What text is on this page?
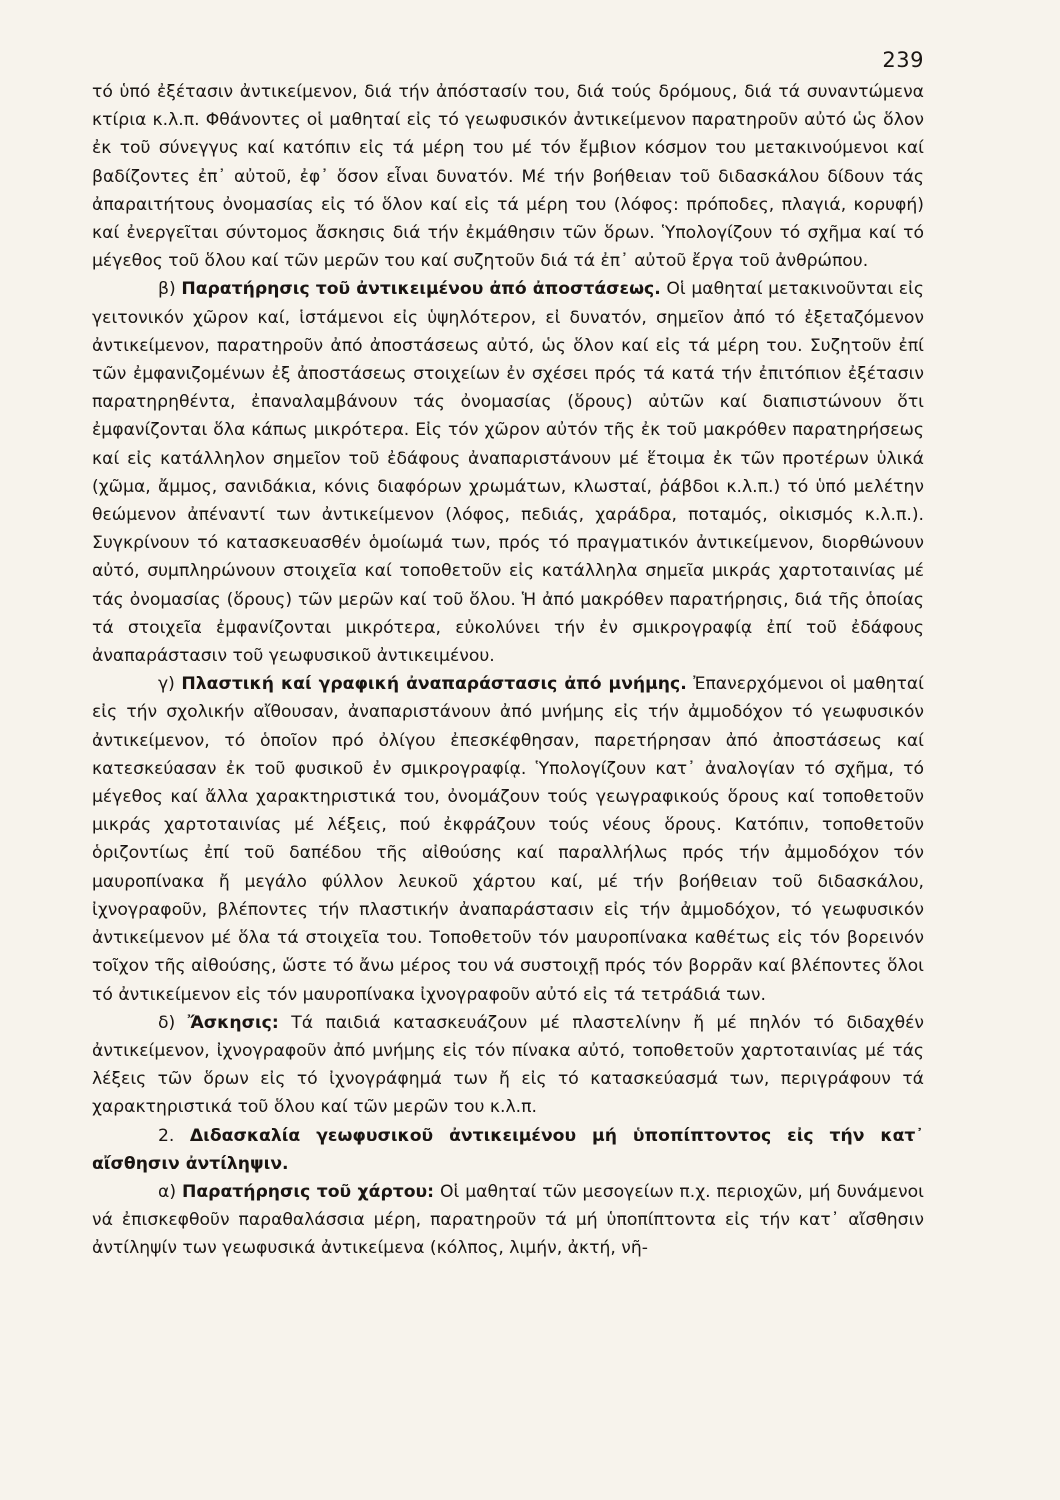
239

τό ὑπό ἐξέτασιν ἀντικείμενον, διά τήν ἀπόστασίν του, διά τούς δρόμους, διά τά συναντώμενα κτίρια κ.λ.π. Φθάνοντες οἱ μαθηταί εἰς τό γεωφυσικόν ἀντικείμενον παρατηροῦν αὐτό ὡς ὅλον ἐκ τοῦ σύνεγγυς καί κατόπιν εἰς τά μέρη του μέ τόν ἔμβιον κόσμον του μετακινούμενοι καί βαδίζοντες ἐπ᾽ αὐτοῦ, ἐφ᾽ ὅσον εἶναι δυνατόν. Μέ τήν βοήθειαν τοῦ διδασκάλου δίδουν τάς ἀπαραιτήτους ὀνομασίας εἰς τό ὅλον καί εἰς τά μέρη του (λόφος: πρόποδες, πλαγιά, κορυφή) καί ἐνεργεῖται σύντομος ἄσκησις διά τήν ἐκμάθησιν τῶν ὅρων. Ὑπολογίζουν τό σχῆμα καί τό μέγεθος τοῦ ὅλου καί τῶν μερῶν του καί συζητοῦν διά τά ἐπ᾽ αὐτοῦ ἔργα τοῦ ἀνθρώπου.

β) Παρατήρησις τοῦ ἀντικειμένου ἀπό ἀποστάσεως. Οἱ μαθηταί μετακινοῦνται εἰς γειτονικόν χῶρον καί, ἱστάμενοι εἰς ὑψηλότερον, εἰ δυνατόν, σημεῖον ἀπό τό ἐξεταζόμενον ἀντικείμενον, παρατηροῦν ἀπό ἀποστάσεως αὐτό, ὡς ὅλον καί εἰς τά μέρη του. Συζητοῦν ἐπί τῶν ἐμφανιζομένων ἐξ ἀποστάσεως στοιχείων ἐν σχέσει πρός τά κατά τήν ἐπιτόπιον ἐξέτασιν παρατηρηθέντα, ἐπαναλαμβάνουν τάς ὀνομασίας (ὅρους) αὐτῶν καί διαπιστώνουν ὅτι ἐμφανίζονται ὅλα κάπως μικρότερα. Εἰς τόν χῶρον αὐτόν τῆς ἐκ τοῦ μακρόθεν παρατηρήσεως καί εἰς κατάλληλον σημεῖον τοῦ ἐδάφους ἀναπαριστάνουν μέ ἕτοιμα ἐκ τῶν προτέρων ὑλικά (χῶμα, ἄμμος, σανιδάκια, κόνις διαφόρων χρωμάτων, κλωσταί, ῥάβδοι κ.λ.π.) τό ὑπό μελέτην θεώμενον ἀπέναντί των ἀντικείμενον (λόφος, πεδιάς, χαράδρα, ποταμός, οἰκισμός κ.λ.π.). Συγκρίνουν τό κατασκευασθέν ὁμοίωμά των, πρός τό πραγματικόν ἀντικείμενον, διορθώνουν αὐτό, συμπληρώνουν στοιχεῖα καί τοποθετοῦν εἰς κατάλληλα σημεῖα μικράς χαρτοταινίας μέ τάς ὀνομασίας (ὅρους) τῶν μερῶν καί τοῦ ὅλου. Ἡ ἀπό μακρόθεν παρατήρησις, διά τῆς ὁποίας τά στοιχεῖα ἐμφανίζονται μικρότερα, εὐκολύνει τήν ἐν σμικρογραφίᾳ ἐπί τοῦ ἐδάφους ἀναπαράστασιν τοῦ γεωφυσικοῦ ἀντικειμένου.

γ) Πλαστική καί γραφική ἀναπαράστασις ἀπό μνήμης. Ἐπανερχόμενοι οἱ μαθηταί εἰς τήν σχολικήν αἴθουσαν, ἀναπαριστάνουν ἀπό μνήμης εἰς τήν ἀμμοδόχον τό γεωφυσικόν ἀντικείμενον, τό ὁποῖον πρό ὀλίγου ἐπεσκέφθησαν, παρετήρησαν ἀπό ἀποστάσεως καί κατεσκεύασαν ἐκ τοῦ φυσικοῦ ἐν σμικρογραφίᾳ. Ὑπολογίζουν κατ᾽ ἀναλογίαν τό σχῆμα, τό μέγεθος καί ἄλλα χαρακτηριστικά του, ὀνομάζουν τούς γεωγραφικούς ὅρους καί τοποθετοῦν μικράς χαρτοταινίας μέ λέξεις, πού ἐκφράζουν τούς νέους ὅρους. Κατόπιν, τοποθετοῦν ὁριζοντίως ἐπί τοῦ δαπέδου τῆς αἰθούσης καί παραλλήλως πρός τήν ἀμμοδόχον τόν μαυροπίνακα ἤ μεγάλο φύλλον λευκοῦ χάρτου καί, μέ τήν βοήθειαν τοῦ διδασκάλου, ἰχνογραφοῦν, βλέποντες τήν πλαστικήν ἀναπαράστασιν εἰς τήν ἀμμοδόχον, τό γεωφυσικόν ἀντικείμενον μέ ὅλα τά στοιχεῖα του. Τοποθετοῦν τόν μαυροπίνακα καθέτως εἰς τόν βορεινόν τοῖχον τῆς αἰθούσης, ὥστε τό ἄνω μέρος του νά συστοιχῇ πρός τόν βορρᾶν καί βλέποντες ὅλοι τό ἀντικείμενον εἰς τόν μαυροπίνακα ἰχνογραφοῦν αὐτό εἰς τά τετράδιά των.

δ) Ἄσκησις: Τά παιδιά κατασκευάζουν μέ πλαστελίνην ἤ μέ πηλόν τό διδαχθέν ἀντικείμενον, ἰχνογραφοῦν ἀπό μνήμης εἰς τόν πίνακα αὐτό, τοποθετοῦν χαρτοταινίας μέ τάς λέξεις τῶν ὅρων εἰς τό ἰχνογράφημά των ἤ εἰς τό κατασκεύασμά των, περιγράφουν τά χαρακτηριστικά τοῦ ὅλου καί τῶν μερῶν του κ.λ.π.

2. Διδασκαλία γεωφυσικοῦ ἀντικειμένου μή ὑποπίπτοντος εἰς τήν κατ᾽ αἴσθησιν ἀντίληψιν.

α) Παρατήρησις τοῦ χάρτου: Οἱ μαθηταί τῶν μεσογείων π.χ. περιοχῶν, μή δυνάμενοι νά ἐπισκεφθοῦν παραθαλάσσια μέρη, παρατηροῦν τά μή ὑποπίπτοντα εἰς τήν κατ᾽ αἴσθησιν ἀντίληψίν των γεωφυσικά ἀντικείμενα (κόλπος, λιμήν, ἀκτή, νῆ-
